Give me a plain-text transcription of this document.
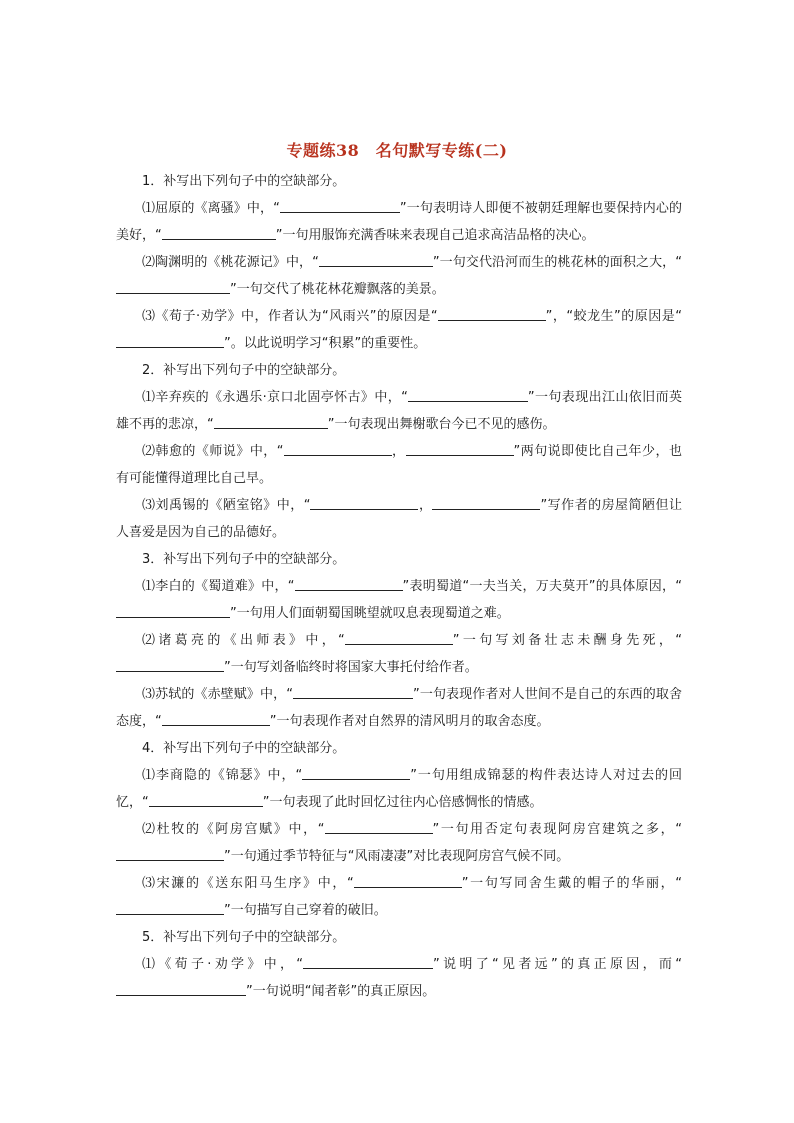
专题练38　名句默写专练(二)

1．补写出下列句子中的空缺部分。

⑴屈原的《离骚》中，“	”一句表明诗人即便不被朝廷理解也要保持内心的美好，“	”一句用服饰充满香味来表现自己追求高洁品格的决心。

⑵陶渊明的《桃花源记》中，“	”一句交代沿河而生的桃花林的面积之大，“”一句交代了桃花林花瓣飘落的美景。

⑶《荀子·劝学》中，作者认为“风雨兴”的原因是“	”，“蛟龙生”的原因是“”。以此说明学习“积累”的重要性。

2．补写出下列句子中的空缺部分。

⑴辛弃疾的《永遇乐·京口北固亭怀古》中，“	”一句表现出江山依旧而英雄不再的悲凉，“	”一句表现出舞榭歌台今已不见的感伤。

⑵韩愈的《师说》中，“	，	”两句说即使比自己年少，也有可能懂得道理比自己早。

⑶刘禹锡的《陋室铭》中，“	，	”写作者的房屋简陋但让人喜爱是因为自己的品德好。

3．补写出下列句子中的空缺部分。

⑴李白的《蜀道难》中，“	”表明蜀道“一夫当关，万夫莫开”的具体原因，“”一句用人们面朝蜀国眺望就叹息表现蜀道之难。

⑵诸葛亮的《出师表》中，“	”一句写刘备壮志未酬身先死，“”一句写刘备临终时将国家大事托付给作者。

⑶苏轼的《赤壁赋》中，“	”一句表现作者对人世间不是自己的东西的取舍态度，“	”一句表现作者对自然界的清风明月的取舍态度。

4．补写出下列句子中的空缺部分。

⑴李商隐的《锦瑟》中，“	”一句用组成锦瑟的构件表达诗人对过去的回忆，“	”一句表现了此时回忆过往内心倍感惆怅的情感。

⑵杜牧的《阿房宫赋》中，“	”一句用否定句表现阿房宫建筑之多，“”一句通过季节特征与“风雨凄凄”对比表现阿房宫气候不同。

⑶宋濂的《送东阳马生序》中，“	”一句写同舍生戴的帽子的华丽，“”一句描写自己穿着的破旧。

5．补写出下列句子中的空缺部分。

⑴《荀子·劝学》中，“	”说明了“见者远”的真正原因，而“”一句说明“闻者彰”的真正原因。
